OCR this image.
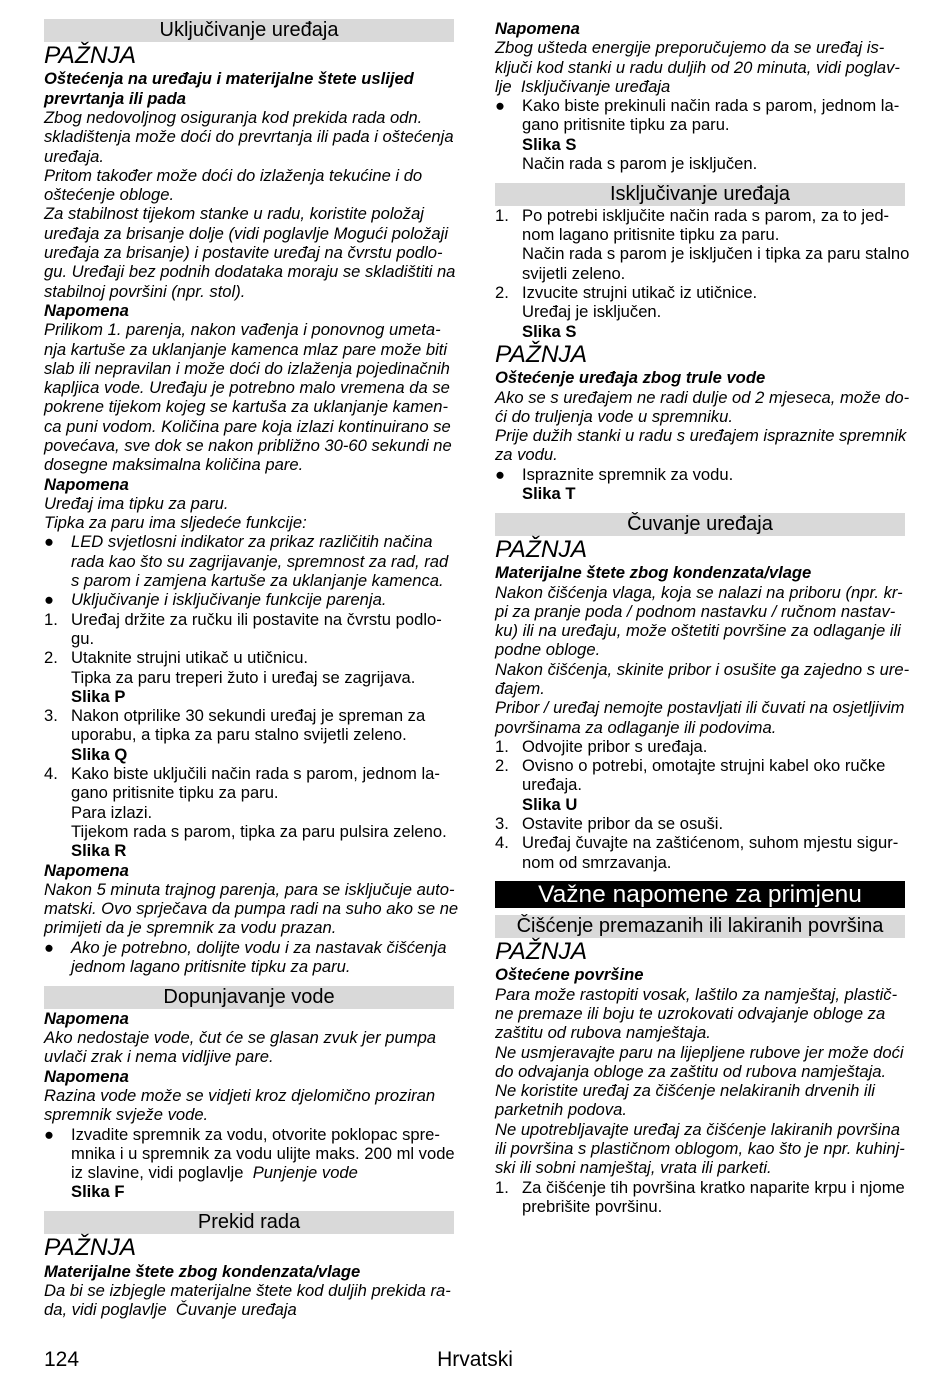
Uključivanje uređaja
PAŽNJA
Oštećenja na uređaju i materijalne štete uslijed
prevrtanja ili pada
Zbog nedovoljnog osiguranja kod prekida rada odn.
skladištenja može doći do prevrtanja ili pada i oštećenja
uređaja.
Pritom također može doći do izlaženja tekućine i do
oštećenje obloge.
Za stabilnost tijekom stanke u radu, koristite položaj
uređaja za brisanje dolje (vidi poglavlje Mogući položaji
uređaja za brisanje) i postavite uređaj na čvrstu podlo-
gu. Uređaji bez podnih dodataka moraju se skladištiti na
stabilnoj površini (npr. stol).
Napomena
Prilikom 1. parenja, nakon vađenja i ponovnog umeta-
nja kartuše za uklanjanje kamenca mlaz pare može biti
slab ili nepravilan i može doći do izlaženja pojedinačnih
kapljica vode. Uređaju je potrebno malo vremena da se
pokrene tijekom kojeg se kartuša za uklanjanje kamen-
ca puni vodom. Količina pare koja izlazi kontinuirano se
povećava, sve dok se nakon približno 30-60 sekundi ne
dosegne maksimalna količina pare.
Napomena
Uređaj ima tipku za paru.
Tipka za paru ima sljedeće funkcije:
●	LED svjetlosni indikator za prikaz različitih načina
rada kao što su zagrijavanje, spremnost za rad, rad
s parom i zamjena kartuše za uklanjanje kamenca.
●	Uključivanje i isključivanje funkcije parenja.
1. Uređaj držite za ručku ili postavite na čvrstu podlo-
gu.
2. Utaknite strujni utikač u utičnicu.
Tipka za paru treperi žuto i uređaj se zagrijava.
Slika P
3. Nakon otprilike 30 sekundi uređaj je spreman za
uporabu, a tipka za paru stalno svijetli zeleno.
Slika Q
4. Kako biste uključili način rada s parom, jednom la-
gano pritisnite tipku za paru.
Para izlazi.
Tijekom rada s parom, tipka za paru pulsira zeleno.
Slika R
Napomena
Nakon 5 minuta trajnog parenja, para se isključuje auto-
matski. Ovo sprječava da pumpa radi na suho ako se ne
primijeti da je spremnik za vodu prazan.
●	Ako je potrebno, dolijte vodu i za nastavak čišćenja
jednom lagano pritisnite tipku za paru.
Dopunjavanje vode
Napomena
Ako nedostaje vode, čut će se glasan zvuk jer pumpa
uvlači zrak i nema vidljive pare.
Napomena
Razina vode može se vidjeti kroz djelomično proziran
spremnik svježe vode.
●	Izvadite spremnik za vodu, otvorite poklopac spre-
mnika i u spremnik za vodu ulijte maks. 200 ml vode
iz slavine, vidi poglavlje  Punjenje vode
Slika F
Prekid rada
PAŽNJA
Materijalne štete zbog kondenzata/vlage
Da bi se izbjegle materijalne štete kod duljih prekida ra-
da, vidi poglavlje  Čuvanje uređaja
Napomena
Zbog ušteda energije preporučujemo da se uređaj is-
ključi kod stanki u radu duljih od 20 minuta, vidi poglav-
lje  Isključivanje uređaja
●	Kako biste prekinuli način rada s parom, jednom la-
gano pritisnite tipku za paru.
Slika S
Način rada s parom je isključen.
Isključivanje uređaja
1. Po potrebi isključite način rada s parom, za to jed-
nom lagano pritisnite tipku za paru.
Način rada s parom je isključen i tipka za paru stalno
svijetli zeleno.
2. Izvucite strujni utikač iz utičnice.
Uređaj je isključen.
Slika S
PAŽNJA
Oštećenje uređaja zbog trule vode
Ako se s uređajem ne radi dulje od 2 mjeseca, može do-
ći do truljenja vode u spremniku.
Prije dužih stanki u radu s uređajem ispraznite spremnik
za vodu.
●	Ispraznite spremnik za vodu.
Slika T
Čuvanje uređaja
PAŽNJA
Materijalne štete zbog kondenzata/vlage
Nakon čišćenja vlaga, koja se nalazi na priboru (npr. kr-
pi za pranje poda / podnom nastavku / ručnom nastav-
ku) ili na uređaju, može oštetiti površine za odlaganje ili
podne obloge.
Nakon čišćenja, skinite pribor i osušite ga zajedno s ure-
đajem.
Pribor / uređaj nemojte postavljati ili čuvati na osjetljivim
površinama za odlaganje ili podovima.
1. Odvojite pribor s uređaja.
2. Ovisno o potrebi, omotajte strujni kabel oko ručke
uređaja.
Slika U
3. Ostavite pribor da se osuši.
4. Uređaj čuvajte na zaštićenom, suhom mjestu sigur-
nom od smrzavanja.
Važne napomene za primjenu
Čišćenje premazanih ili lakiranih površina
PAŽNJA
Oštećene površine
Para može rastopiti vosak, laštilo za namještaj, plastič-
ne premaze ili boju te uzrokovati odvajanje obloge za
zaštitu od rubova namještaja.
Ne usmjeravajte paru na lijepljene rubove jer može doći
do odvajanja obloge za zaštitu od rubova namještaja.
Ne koristite uređaj za čišćenje nelakiranih drvenih ili
parketnih podova.
Ne upotrebljavajte uređaj za čišćenje lakiranih površina
ili površina s plastičnom oblogom, kao što je npr. kuhinj-
ski ili sobni namještaj, vrata ili parketi.
1. Za čišćenje tih površina kratko naparite krpu i njome
prebrišite površinu.
Hrvatski
124
